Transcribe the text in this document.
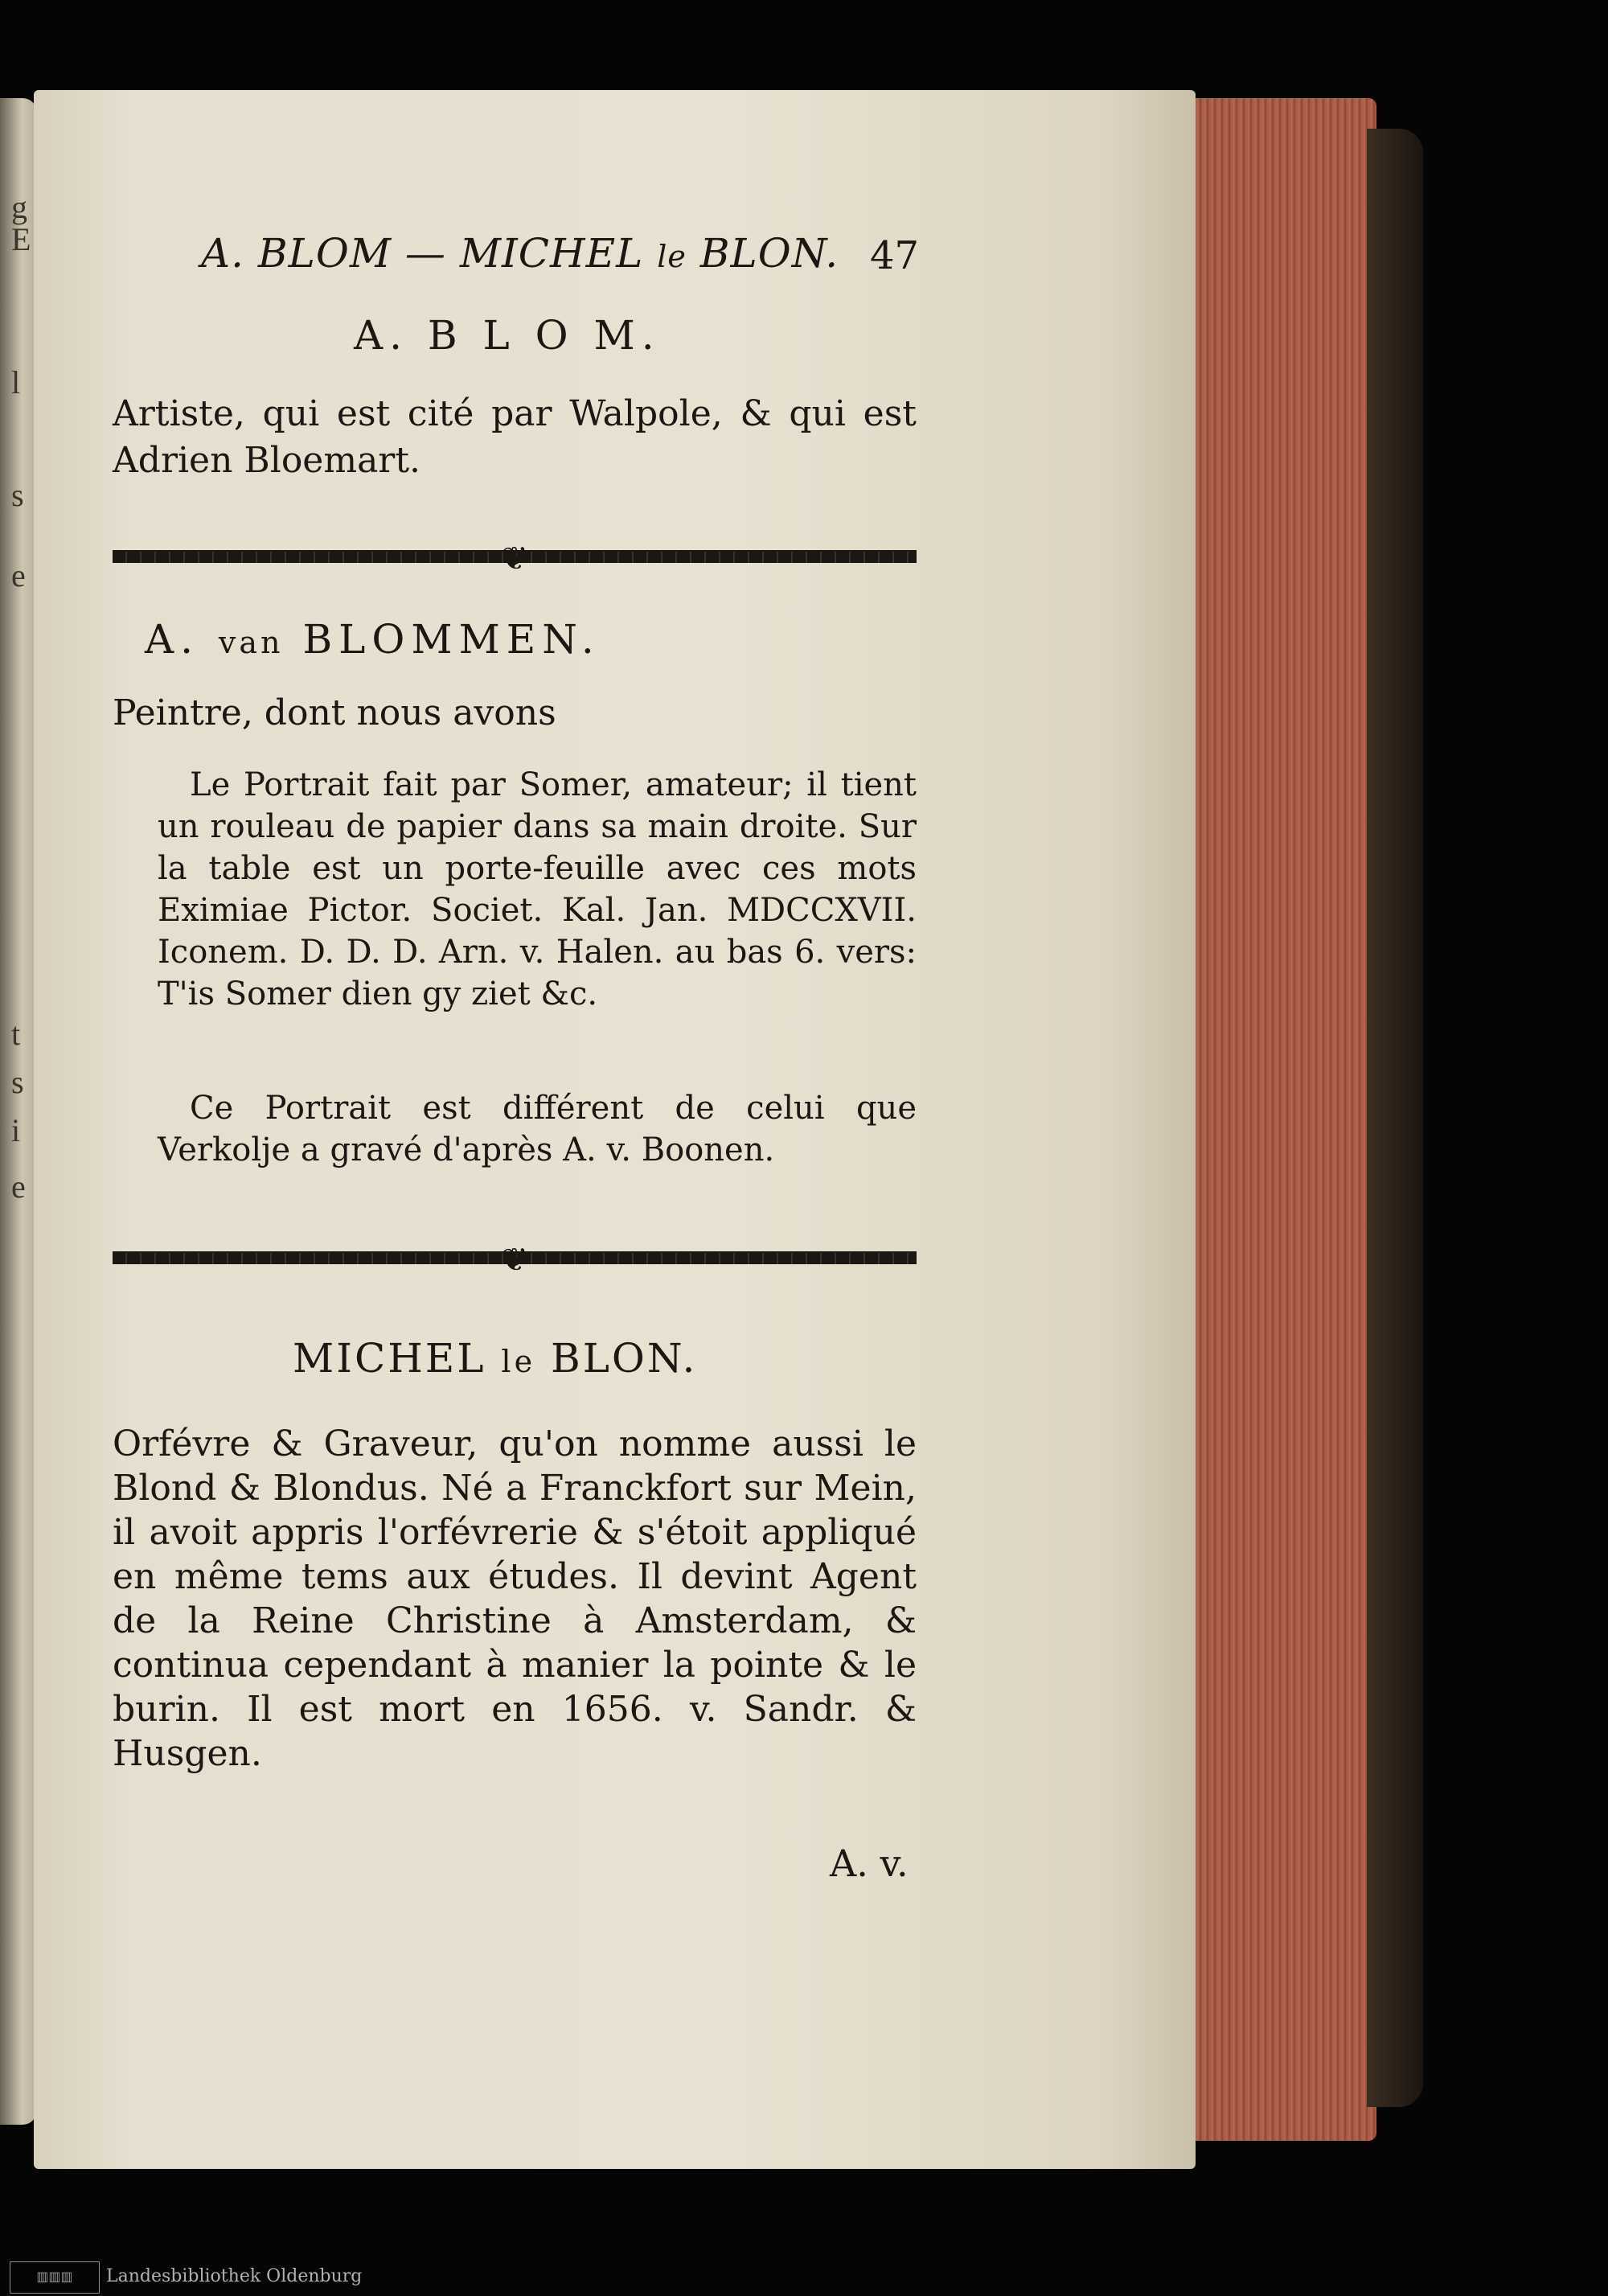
g
E
l
s
e
t
s
i
e
A. BLOM — MICHEL le BLON. 47
A. B L O M.
Artiste, qui est cité par Walpole, & qui est Adrien Bloemart.
❦
A. van BLOMMEN.
Peintre, dont nous avons
Le Portrait fait par Somer, amateur; il tient un rouleau de papier dans sa main droite. Sur la table est un porte-feuille avec ces mots Eximiae Pictor. Societ. Kal. Jan. MDCCXVII. Iconem. D. D. D. Arn. v. Halen. au bas 6. vers: T'is Somer dien gy ziet &c.
Ce Portrait est différent de celui que Verkolje a gravé d'après A. v. Boonen.
❦
MICHEL le BLON.
Orfévre & Graveur, qu'on nomme aussi le Blond & Blondus. Né a Franckfort sur Mein, il avoit appris l'orfévrerie & s'étoit appliqué en même tems aux études. Il devint Agent de la Reine Christine à Amsterdam, & continua cependant à manier la pointe & le burin. Il est mort en 1656. v. Sandr. & Husgen.
A. v.
▥▥▥	Landesbibliothek Oldenburg
